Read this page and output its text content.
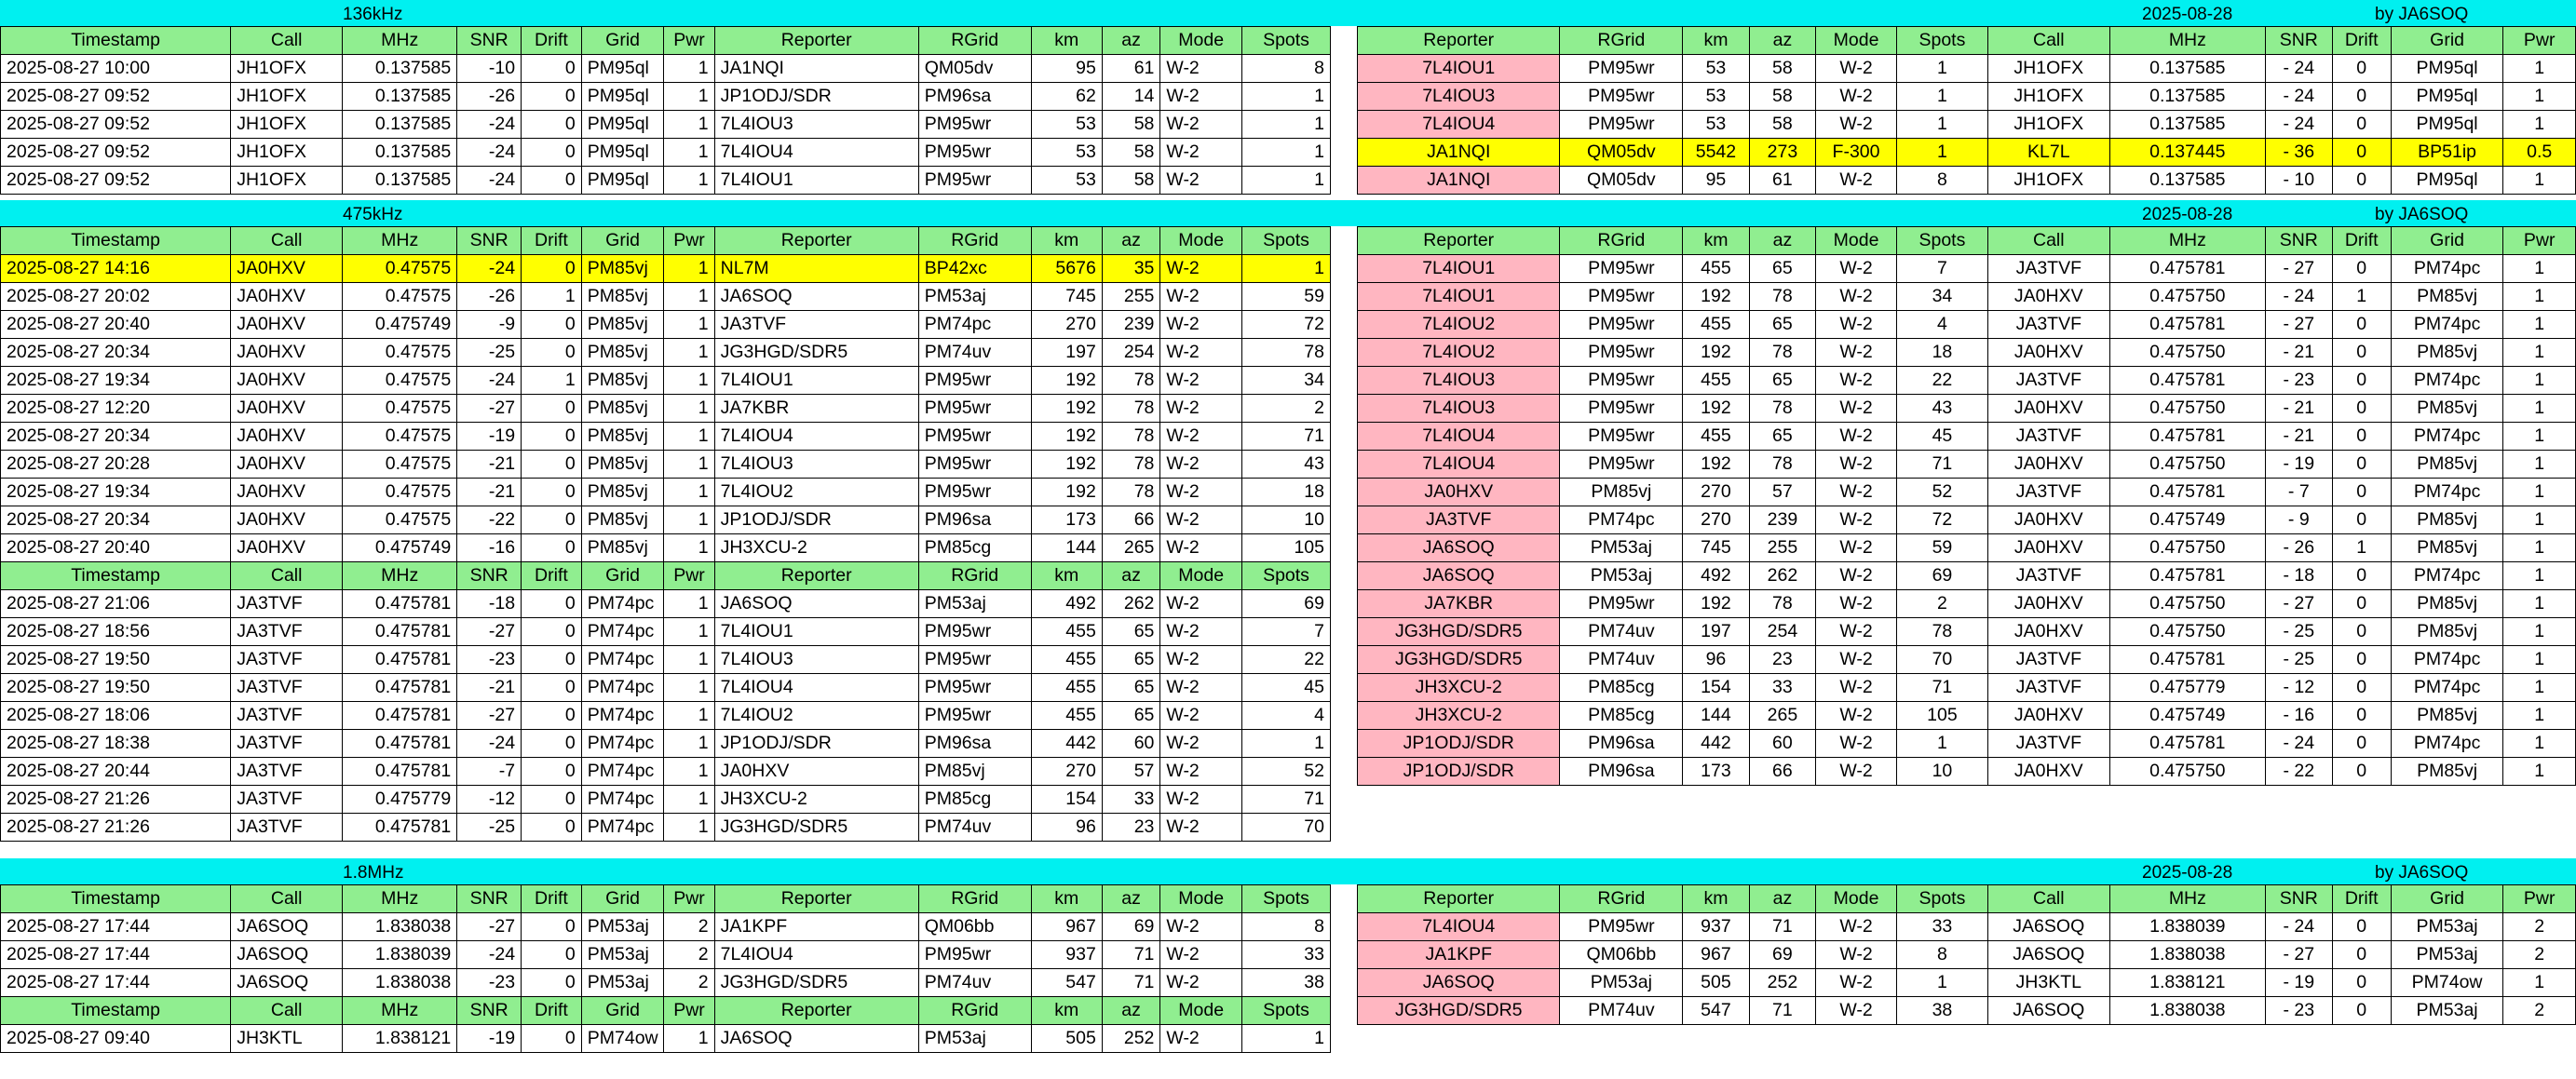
136kHz	2025-08-28	by JA6SOQ
475kHz	2025-08-28	by JA6SOQ
1.8MHz	2025-08-28	by JA6SOQ
Timestamp	Call	MHz	SNR	Drift	Grid	Pwr	Reporter	RGrid	km	az	Mode	Spots
2025-08-27 10:00	JH1OFX	0.137585	-10	0	PM95ql	1	JA1NQI	QM05dv	95	61	W-2	8
2025-08-27 09:52	JH1OFX	0.137585	-26	0	PM95ql	1	JP1ODJ/SDR	PM96sa	62	14	W-2	1
2025-08-27 09:52	JH1OFX	0.137585	-24	0	PM95ql	1	7L4IOU3	PM95wr	53	58	W-2	1
2025-08-27 09:52	JH1OFX	0.137585	-24	0	PM95ql	1	7L4IOU4	PM95wr	53	58	W-2	1
2025-08-27 09:52	JH1OFX	0.137585	-24	0	PM95ql	1	7L4IOU1	PM95wr	53	58	W-2	1
Timestamp	Call	MHz	SNR	Drift	Grid	Pwr	Reporter	RGrid	km	az	Mode	Spots
2025-08-27 14:16	JA0HXV	0.47575	-24	0	PM85vj	1	NL7M	BP42xc	5676	35	W-2	1
2025-08-27 20:02	JA0HXV	0.47575	-26	1	PM85vj	1	JA6SOQ	PM53aj	745	255	W-2	59
2025-08-27 20:40	JA0HXV	0.475749	-9	0	PM85vj	1	JA3TVF	PM74pc	270	239	W-2	72
2025-08-27 20:34	JA0HXV	0.47575	-25	0	PM85vj	1	JG3HGD/SDR5	PM74uv	197	254	W-2	78
2025-08-27 19:34	JA0HXV	0.47575	-24	1	PM85vj	1	7L4IOU1	PM95wr	192	78	W-2	34
2025-08-27 12:20	JA0HXV	0.47575	-27	0	PM85vj	1	JA7KBR	PM95wr	192	78	W-2	2
2025-08-27 20:34	JA0HXV	0.47575	-19	0	PM85vj	1	7L4IOU4	PM95wr	192	78	W-2	71
2025-08-27 20:28	JA0HXV	0.47575	-21	0	PM85vj	1	7L4IOU3	PM95wr	192	78	W-2	43
2025-08-27 19:34	JA0HXV	0.47575	-21	0	PM85vj	1	7L4IOU2	PM95wr	192	78	W-2	18
2025-08-27 20:34	JA0HXV	0.47575	-22	0	PM85vj	1	JP1ODJ/SDR	PM96sa	173	66	W-2	10
2025-08-27 20:40	JA0HXV	0.475749	-16	0	PM85vj	1	JH3XCU-2	PM85cg	144	265	W-2	105
Timestamp	Call	MHz	SNR	Drift	Grid	Pwr	Reporter	RGrid	km	az	Mode	Spots
2025-08-27 21:06	JA3TVF	0.475781	-18	0	PM74pc	1	JA6SOQ	PM53aj	492	262	W-2	69
2025-08-27 18:56	JA3TVF	0.475781	-27	0	PM74pc	1	7L4IOU1	PM95wr	455	65	W-2	7
2025-08-27 19:50	JA3TVF	0.475781	-23	0	PM74pc	1	7L4IOU3	PM95wr	455	65	W-2	22
2025-08-27 19:50	JA3TVF	0.475781	-21	0	PM74pc	1	7L4IOU4	PM95wr	455	65	W-2	45
2025-08-27 18:06	JA3TVF	0.475781	-27	0	PM74pc	1	7L4IOU2	PM95wr	455	65	W-2	4
2025-08-27 18:38	JA3TVF	0.475781	-24	0	PM74pc	1	JP1ODJ/SDR	PM96sa	442	60	W-2	1
2025-08-27 20:44	JA3TVF	0.475781	-7	0	PM74pc	1	JA0HXV	PM85vj	270	57	W-2	52
2025-08-27 21:26	JA3TVF	0.475779	-12	0	PM74pc	1	JH3XCU-2	PM85cg	154	33	W-2	71
2025-08-27 21:26	JA3TVF	0.475781	-25	0	PM74pc	1	JG3HGD/SDR5	PM74uv	96	23	W-2	70
Timestamp	Call	MHz	SNR	Drift	Grid	Pwr	Reporter	RGrid	km	az	Mode	Spots
2025-08-27 17:44	JA6SOQ	1.838038	-27	0	PM53aj	2	JA1KPF	QM06bb	967	69	W-2	8
2025-08-27 17:44	JA6SOQ	1.838039	-24	0	PM53aj	2	7L4IOU4	PM95wr	937	71	W-2	33
2025-08-27 17:44	JA6SOQ	1.838038	-23	0	PM53aj	2	JG3HGD/SDR5	PM74uv	547	71	W-2	38
Timestamp	Call	MHz	SNR	Drift	Grid	Pwr	Reporter	RGrid	km	az	Mode	Spots
2025-08-27 09:40	JH3KTL	1.838121	-19	0	PM74ow	1	JA6SOQ	PM53aj	505	252	W-2	1
Reporter	RGrid	km	az	Mode	Spots	Call	MHz	SNR	Drift	Grid	Pwr
7L4IOU1	PM95wr	53	58	W-2	1	JH1OFX	0.137585	- 24	0	PM95ql	1
7L4IOU3	PM95wr	53	58	W-2	1	JH1OFX	0.137585	- 24	0	PM95ql	1
7L4IOU4	PM95wr	53	58	W-2	1	JH1OFX	0.137585	- 24	0	PM95ql	1
JA1NQI	QM05dv	5542	273	F-300	1	KL7L	0.137445	- 36	0	BP51ip	0.5
JA1NQI	QM05dv	95	61	W-2	8	JH1OFX	0.137585	- 10	0	PM95ql	1
Reporter	RGrid	km	az	Mode	Spots	Call	MHz	SNR	Drift	Grid	Pwr
7L4IOU1	PM95wr	455	65	W-2	7	JA3TVF	0.475781	- 27	0	PM74pc	1
7L4IOU1	PM95wr	192	78	W-2	34	JA0HXV	0.475750	- 24	1	PM85vj	1
7L4IOU2	PM95wr	455	65	W-2	4	JA3TVF	0.475781	- 27	0	PM74pc	1
7L4IOU2	PM95wr	192	78	W-2	18	JA0HXV	0.475750	- 21	0	PM85vj	1
7L4IOU3	PM95wr	455	65	W-2	22	JA3TVF	0.475781	- 23	0	PM74pc	1
7L4IOU3	PM95wr	192	78	W-2	43	JA0HXV	0.475750	- 21	0	PM85vj	1
7L4IOU4	PM95wr	455	65	W-2	45	JA3TVF	0.475781	- 21	0	PM74pc	1
7L4IOU4	PM95wr	192	78	W-2	71	JA0HXV	0.475750	- 19	0	PM85vj	1
JA0HXV	PM85vj	270	57	W-2	52	JA3TVF	0.475781	- 7	0	PM74pc	1
JA3TVF	PM74pc	270	239	W-2	72	JA0HXV	0.475749	- 9	0	PM85vj	1
JA6SOQ	PM53aj	745	255	W-2	59	JA0HXV	0.475750	- 26	1	PM85vj	1
JA6SOQ	PM53aj	492	262	W-2	69	JA3TVF	0.475781	- 18	0	PM74pc	1
JA7KBR	PM95wr	192	78	W-2	2	JA0HXV	0.475750	- 27	0	PM85vj	1
JG3HGD/SDR5	PM74uv	197	254	W-2	78	JA0HXV	0.475750	- 25	0	PM85vj	1
JG3HGD/SDR5	PM74uv	96	23	W-2	70	JA3TVF	0.475781	- 25	0	PM74pc	1
JH3XCU-2	PM85cg	154	33	W-2	71	JA3TVF	0.475779	- 12	0	PM74pc	1
JH3XCU-2	PM85cg	144	265	W-2	105	JA0HXV	0.475749	- 16	0	PM85vj	1
JP1ODJ/SDR	PM96sa	442	60	W-2	1	JA3TVF	0.475781	- 24	0	PM74pc	1
JP1ODJ/SDR	PM96sa	173	66	W-2	10	JA0HXV	0.475750	- 22	0	PM85vj	1
Reporter	RGrid	km	az	Mode	Spots	Call	MHz	SNR	Drift	Grid	Pwr
7L4IOU4	PM95wr	937	71	W-2	33	JA6SOQ	1.838039	- 24	0	PM53aj	2
JA1KPF	QM06bb	967	69	W-2	8	JA6SOQ	1.838038	- 27	0	PM53aj	2
JA6SOQ	PM53aj	505	252	W-2	1	JH3KTL	1.838121	- 19	0	PM74ow	1
JG3HGD/SDR5	PM74uv	547	71	W-2	38	JA6SOQ	1.838038	- 23	0	PM53aj	2
